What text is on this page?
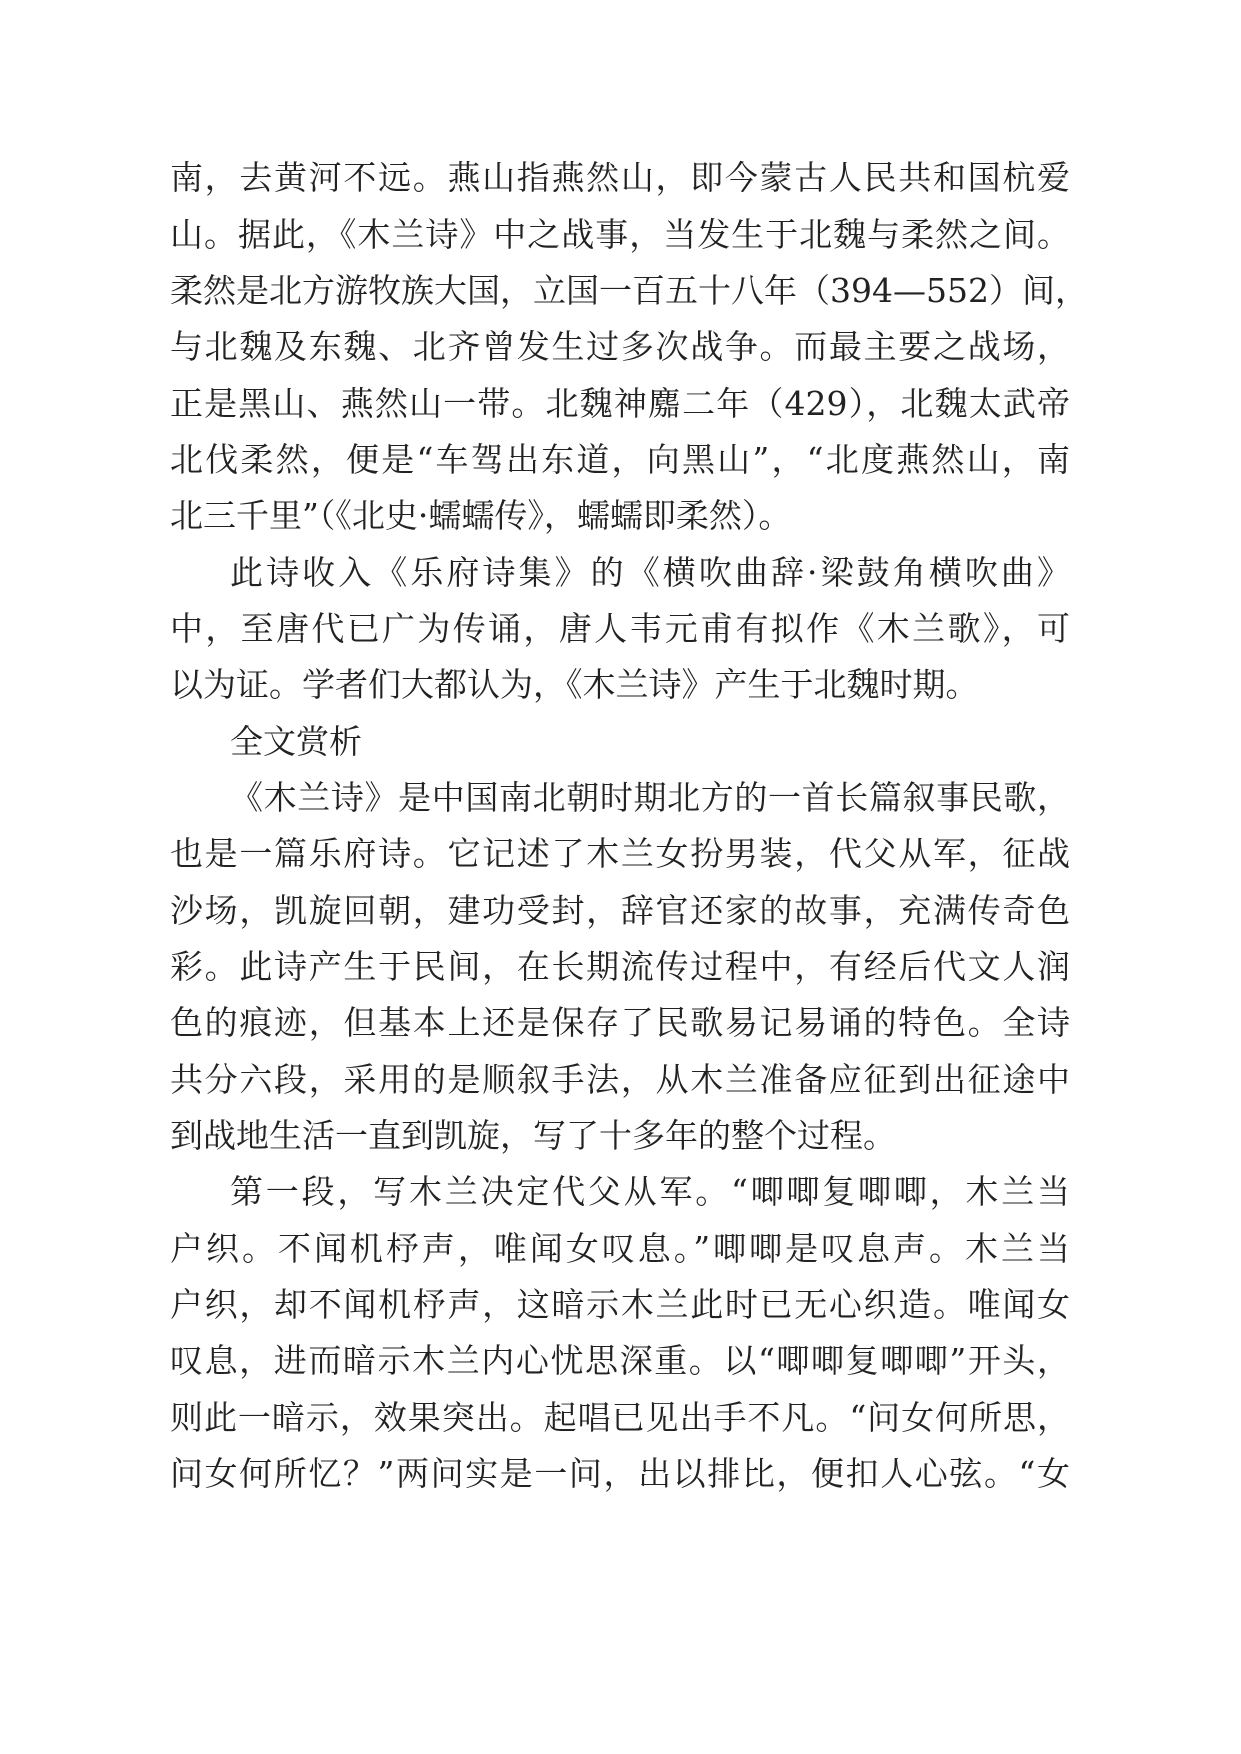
南，去黄河不远。燕山指燕然山，即今蒙古人民共和国杭爱
山。据此，《木兰诗》中之战事，当发生于北魏与柔然之间。
柔然是北方游牧族大国，立国一百五十八年（394—552）间，
与北魏及东魏、北齐曾发生过多次战争。而最主要之战场，
正是黑山、燕然山一带。北魏神䴥二年（429），北魏太武帝
北伐柔然，便是“车驾出东道，向黑山”，“北度燕然山，南
北三千里”（《北史·蠕蠕传》，蠕蠕即柔然）。
此诗收入《乐府诗集》的《横吹曲辞·梁鼓角横吹曲》
中，至唐代已广为传诵，唐人韦元甫有拟作《木兰歌》，可
以为证。学者们大都认为，《木兰诗》产生于北魏时期。
全文赏析
《木兰诗》是中国南北朝时期北方的一首长篇叙事民歌，
也是一篇乐府诗。它记述了木兰女扮男装，代父从军，征战
沙场，凯旋回朝，建功受封，辞官还家的故事，充满传奇色
彩。此诗产生于民间，在长期流传过程中，有经后代文人润
色的痕迹，但基本上还是保存了民歌易记易诵的特色。全诗
共分六段，采用的是顺叙手法，从木兰准备应征到出征途中
到战地生活一直到凯旋，写了十多年的整个过程。
第一段，写木兰决定代父从军。“唧唧复唧唧，木兰当
户织。不闻机杼声，唯闻女叹息。”唧唧是叹息声。木兰当
户织，却不闻机杼声，这暗示木兰此时已无心织造。唯闻女
叹息，进而暗示木兰内心忧思深重。以“唧唧复唧唧”开头，
则此一暗示，效果突出。起唱已见出手不凡。“问女何所思，
问女何所忆？”两问实是一问，出以排比，便扣人心弦。“女
